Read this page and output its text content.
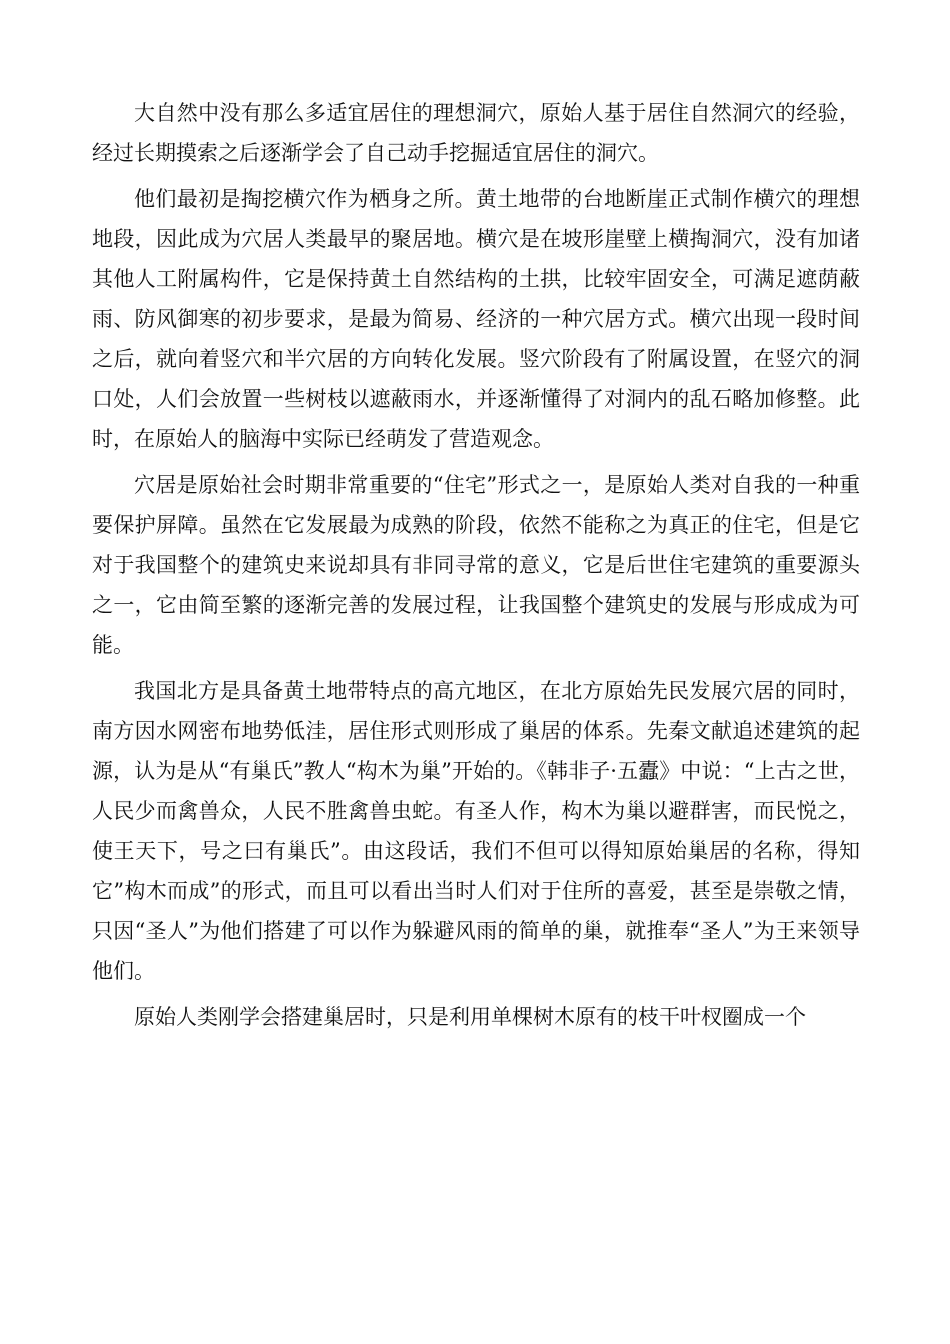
大自然中没有那么多适宜居住的理想洞穴，原始人基于居住自然洞穴的经验，经过长期摸索之后逐渐学会了自己动手挖掘适宜居住的洞穴。

他们最初是掏挖横穴作为栖身之所。黄土地带的台地断崖正式制作横穴的理想地段，因此成为穴居人类最早的聚居地。横穴是在坡形崖壁上横掏洞穴，没有加诸其他人工附属构件，它是保持黄土自然结构的土拱，比较牢固安全，可满足遮荫蔽雨、防风御寒的初步要求，是最为简易、经济的一种穴居方式。横穴出现一段时间之后，就向着竖穴和半穴居的方向转化发展。竖穴阶段有了附属设置，在竖穴的洞口处，人们会放置一些树枝以遮蔽雨水，并逐渐懂得了对洞内的乱石略加修整。此时，在原始人的脑海中实际已经萌发了营造观念。

穴居是原始社会时期非常重要的“住宅”形式之一，是原始人类对自我的一种重要保护屏障。虽然在它发展最为成熟的阶段，依然不能称之为真正的住宅，但是它对于我国整个的建筑史来说却具有非同寻常的意义，它是后世住宅建筑的重要源头之一，它由简至繁的逐渐完善的发展过程，让我国整个建筑史的发展与形成成为可能。

我国北方是具备黄土地带特点的高亢地区，在北方原始先民发展穴居的同时，南方因水网密布地势低洼，居住形式则形成了巢居的体系。先秦文献追述建筑的起源，认为是从“有巢氏”教人“构木为巢”开始的。《韩非子·五蠹》中说：“上古之世，人民少而禽兽众，人民不胜禽兽虫蛇。有圣人作，构木为巢以避群害，而民悦之，使王天下，号之曰有巢氏”。由这段话，我们不但可以得知原始巢居的名称，得知它”构木而成”的形式，而且可以看出当时人们对于住所的喜爱，甚至是崇敬之情，只因“圣人”为他们搭建了可以作为躲避风雨的简单的巢，就推奉“圣人”为王来领导他们。

原始人类刚学会搭建巢居时，只是利用单棵树木原有的枝干叶杈圈成一个
